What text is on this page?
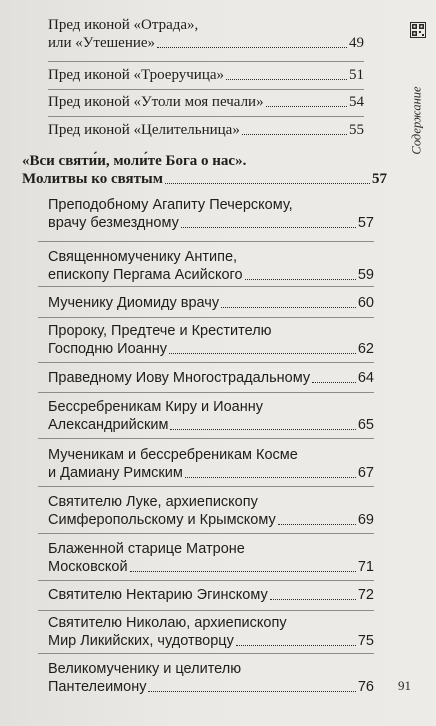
Пред иконой «Отрада»,
или «Утешение»	49
Пред иконой «Троеручица»	51
Пред иконой «Утоли моя печали»	54
Пред иконой «Целительница»	55
«Вси святи́и, моли́те Бога о нас».
Молитвы ко святым	57
Преподобному Агапиту Печерскому,
врачу безмездному	57
Священномученику Антипе,
епископу Пергама Асийского	59
Мученику Диомиду врачу	60
Пророку, Предтече и Крестителю
Господню Иоанну	62
Праведному Иову Многострадальному	64
Бессребреникам Киру и Иоанну
Александрийским	65
Мученикам и бессребреникам Косме
и Дамиану Римским	67
Святителю Луке, архиепископу
Симферопольскому и Крымскому	69
Блаженной старице Матроне
Московской	71
Святителю Нектарию Эгинскому	72
Святителю Николаю, архиепископу
Мир Ликийских, чудотворцу	75
Великомученику и целителю
Пантелеимону	76
Содержание
91
